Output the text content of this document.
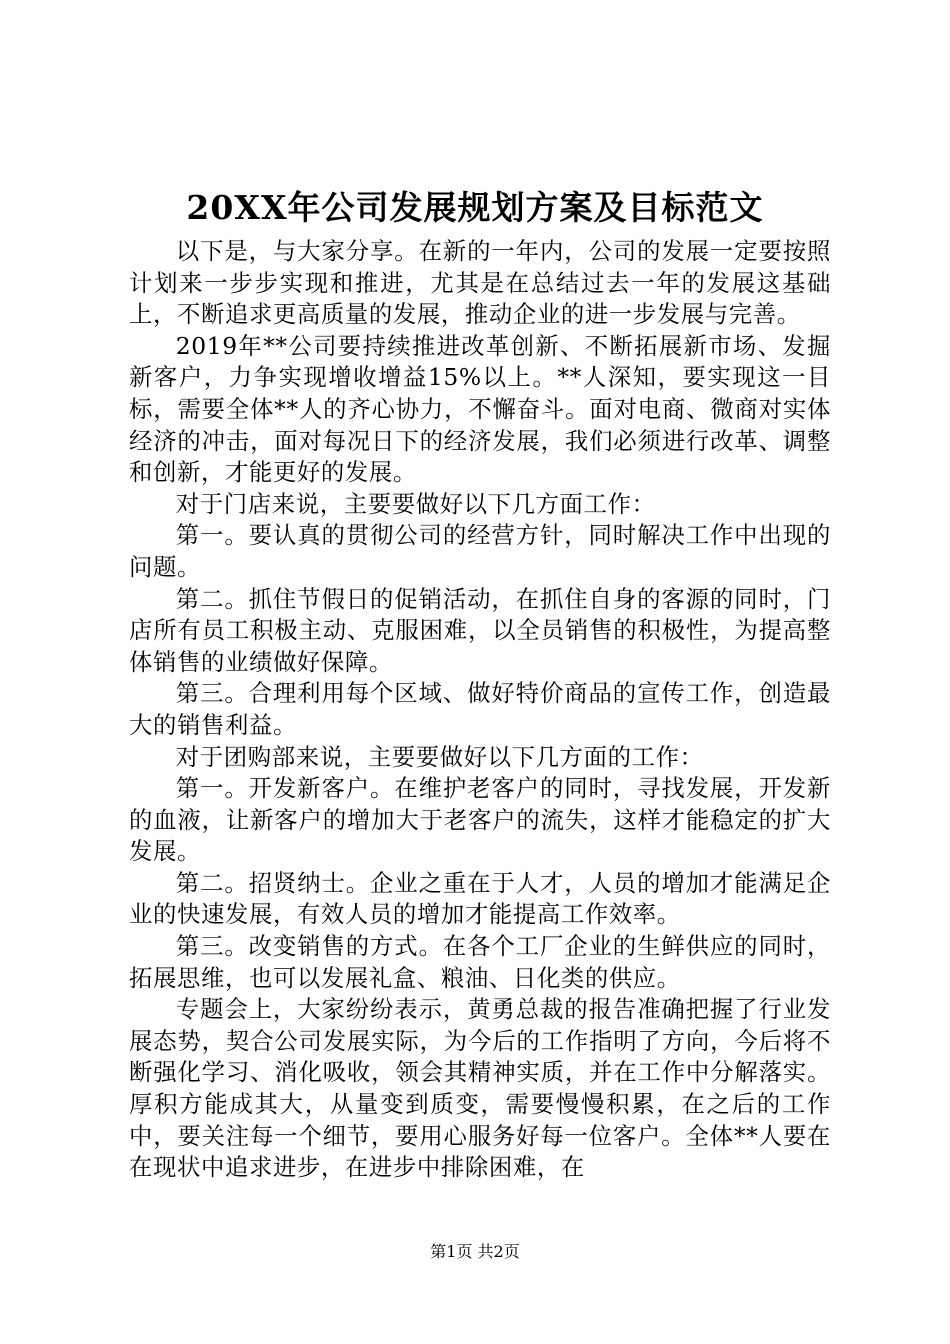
20XX年公司发展规划方案及目标范文

以下是，与大家分享。在新的一年内，公司的发展一定要按照计划来一步步实现和推进，尤其是在总结过去一年的发展这基础上，不断追求更高质量的发展，推动企业的进一步发展与完善。

2019年**公司要持续推进改革创新、不断拓展新市场、发掘新客户，力争实现增收增益15%以上。**人深知，要实现这一目标，需要全体**人的齐心协力，不懈奋斗。面对电商、微商对实体经济的冲击，面对每况日下的经济发展，我们必须进行改革、调整和创新，才能更好的发展。

对于门店来说，主要要做好以下几方面工作：

第一。要认真的贯彻公司的经营方针，同时解决工作中出现的问题。

第二。抓住节假日的促销活动，在抓住自身的客源的同时，门店所有员工积极主动、克服困难，以全员销售的积极性，为提高整体销售的业绩做好保障。

第三。合理利用每个区域、做好特价商品的宣传工作，创造最大的销售利益。

对于团购部来说，主要要做好以下几方面的工作：

第一。开发新客户。在维护老客户的同时，寻找发展，开发新的血液，让新客户的增加大于老客户的流失，这样才能稳定的扩大发展。

第二。招贤纳士。企业之重在于人才，人员的增加才能满足企业的快速发展，有效人员的增加才能提高工作效率。

第三。改变销售的方式。在各个工厂企业的生鲜供应的同时，拓展思维，也可以发展礼盒、粮油、日化类的供应。

专题会上，大家纷纷表示，黄勇总裁的报告准确把握了行业发展态势，契合公司发展实际，为今后的工作指明了方向，今后将不断强化学习、消化吸收，领会其精神实质，并在工作中分解落实。厚积方能成其大，从量变到质变，需要慢慢积累，在之后的工作中，要关注每一个细节，要用心服务好每一位客户。全体**人要在在现状中追求进步，在进步中排除困难，在

第1页 共2页
